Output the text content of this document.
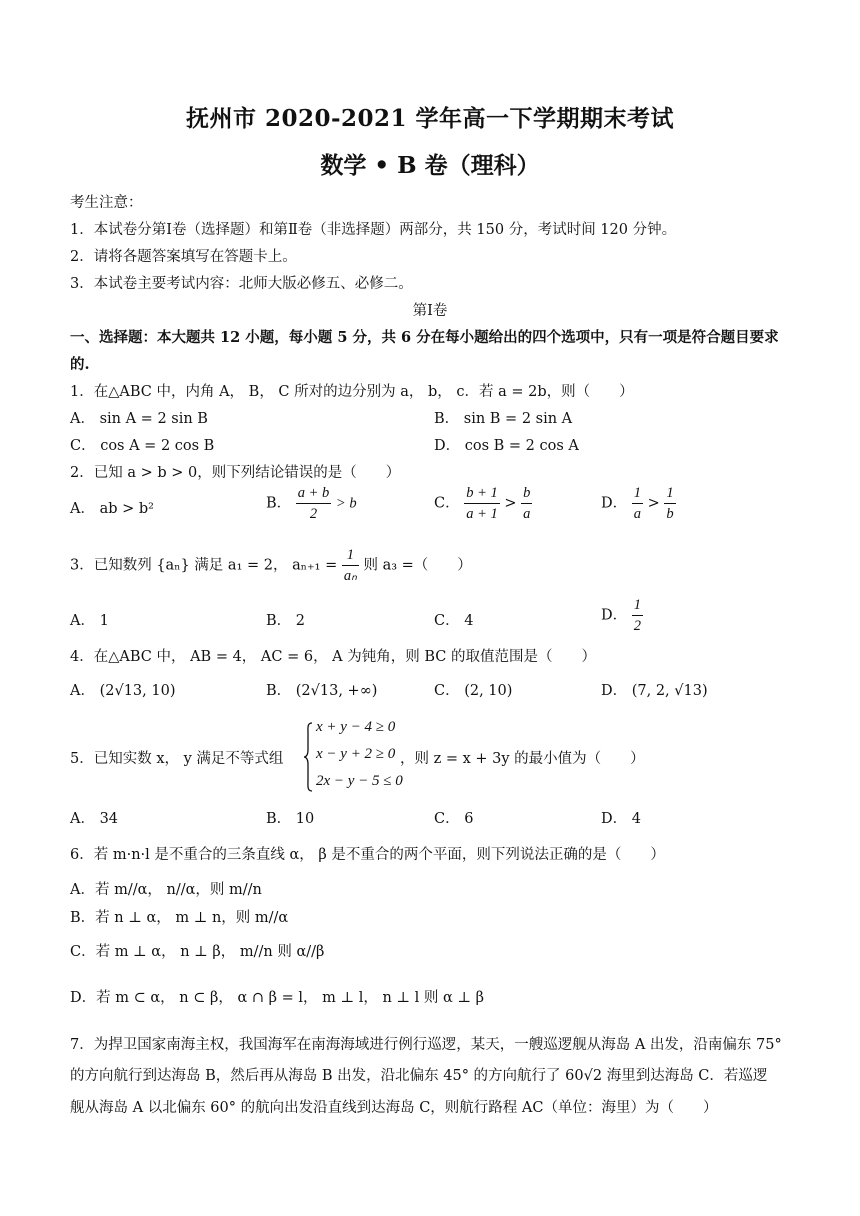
抚州市 2020-2021 学年高一下学期期末考试
数学 • B 卷（理科）
考生注意：
1．本试卷分第Ⅰ卷（选择题）和第Ⅱ卷（非选择题）两部分，共 150 分，考试时间 120 分钟。
2．请将各题答案填写在答题卡上。
3．本试卷主要考试内容：北师大版必修五、必修二。
第Ⅰ卷
一、选择题：本大题共 12 小题，每小题 5 分，共 6 分在每小题给出的四个选项中，只有一项是符合题目要求
的.
1．在△ABC 中，内角 A， B， C 所对的边分别为 a， b， c．若 a = 2b，则（　　）
A． sin A = 2 sin B	B． sin B = 2 sin A
C． cos A = 2 cos B	D． cos B = 2 cos A
2．已知 a > b > 0，则下列结论错误的是（　　）
A． ab > b²	B． $\frac{a + b}{2} > b$	C． $\frac{b + 1}{a + 1} > \frac{b}{a}$	D． $\frac{1}{a} > \frac{1}{b}$
3．已知数列 {aₙ} 满足 a₁ = 2， $a_{n+1} = \frac{1}{\text{aₙ}}$ 则 a₃ =（　　）
A． 1	B． 2	C． 4	D． $\frac{1}{2}$
4．在△ABC 中， AB = 4， AC = 6， A 为钝角，则 BC 的取值范围是（　　）
A． (2√13, 10)	B． (2√13, +∞)	C． (2, 10)	D． (7, 2, √13)
5．已知实数 x， y 满足不等式组
x + y − 4 ≥ 0
x − y + 2 ≥ 0
2x − y − 5 ≤ 0
，则 z = x + 3y 的最小值为（　　）
A． 34	B． 10	C． 6	D． 4
6．若 m·n·l 是不重合的三条直线 α， β 是不重合的两个平面，则下列说法正确的是（　　）
A．若 m//α， n//α，则 m//n
B．若 n ⊥ α， m ⊥ n，则 m//α
C．若 m ⊥ α， n ⊥ β， m//n 则 α//β
D．若 m ⊂ α， n ⊂ β， α ∩ β = l， m ⊥ l， n ⊥ l 则 α ⊥ β
7．为捍卫国家南海主权，我国海军在南海海域进行例行巡逻，某天，一艘巡逻舰从海岛 A 出发，沿南偏东 75°
的方向航行到达海岛 B，然后再从海岛 B 出发，沿北偏东 45° 的方向航行了 60√2 海里到达海岛 C．若巡逻
舰从海岛 A 以北偏东 60° 的航向出发沿直线到达海岛 C，则航行路程 AC（单位：海里）为（　　）
